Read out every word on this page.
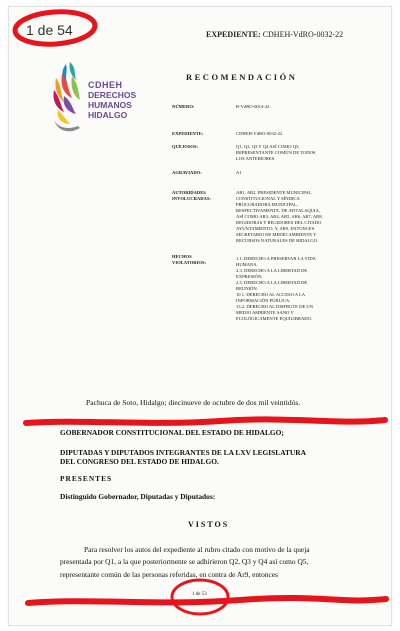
1 de 54	EXPEDIENTE: CDHEH-VdRO-0032-22
CDHEH
DERECHOS
HUMANOS
HIDALGO
RECOMENDACIÓN
NÚMERO:	R-VdRO-0014-22
EXPEDIENTE:	CDHEH-VdRO-0032-22
QUEJOSOS:	Q1, Q2, Q3 Y Q4 ASÍ COMO Q5,
REPRESENTANTE COMÚN DE TODOS
LOS ANTERIORES.
AGRAVIADO:	A1
AUTORIDADES
INVOLUCRADAS:
AR1, AR2, PRESIDENTE MUNICIPAL
CONSTITUCIONAL Y SÍNDICA
PROCURADORA MUNICIPAL,
RESPECTIVAMENTE, DE ATITALAQUIA,
ASÍ COMO AR3, AR4, AR5, AR6, AR7, AR8,
REGIDORAS Y REGIDORES DEL CITADO
AYUNTAMIENTO; Y, AR9, ENTONCES
SECRETARIO DE MEDIO AMBIENTE Y
RECURSOS NATURALES DE HIDALGO.
HECHOS
VIOLATORIOS:
1.1. DERECHO A PRESERVAR LA VIDA
HUMANA.
2.3. DERECHO A LA LIBERTAD DE
EXPRESIÓN.
2.5. DERECHO A LA LIBERTAD DE
REUNIÓN.
10.1. DERECHO AL ACCESO A LA
INFORMACIÓN PÚBLICA.
13.2. DERECHO AL DISFRUTE DE UN
MEDIO AMBIENTE SANO Y
ECOLÓGICAMENTE EQUILIBRADO.
Pachuca de Soto, Hidalgo; diecinueve de octubre de dos mil veintidós.
GOBERNADOR CONSTITUCIONAL DEL ESTADO DE HIDALGO;
DIPUTADAS Y DIPUTADOS INTEGRANTES DE LA LXV LEGISLATURA
DEL CONGRESO DEL ESTADO DE HIDALGO.
PRESENTES
Distinguido Gobernador, Diputadas y Diputados:
VISTOS
Para resolver los autos del expediente al rubro citado con motivo de la queja
presentada por Q1, a la que posteriormente se adhirieron Q2, Q3 y Q4 así como Q5,
representante común de las personas referidas, en contra de Ar9, entonces
1 de 53
